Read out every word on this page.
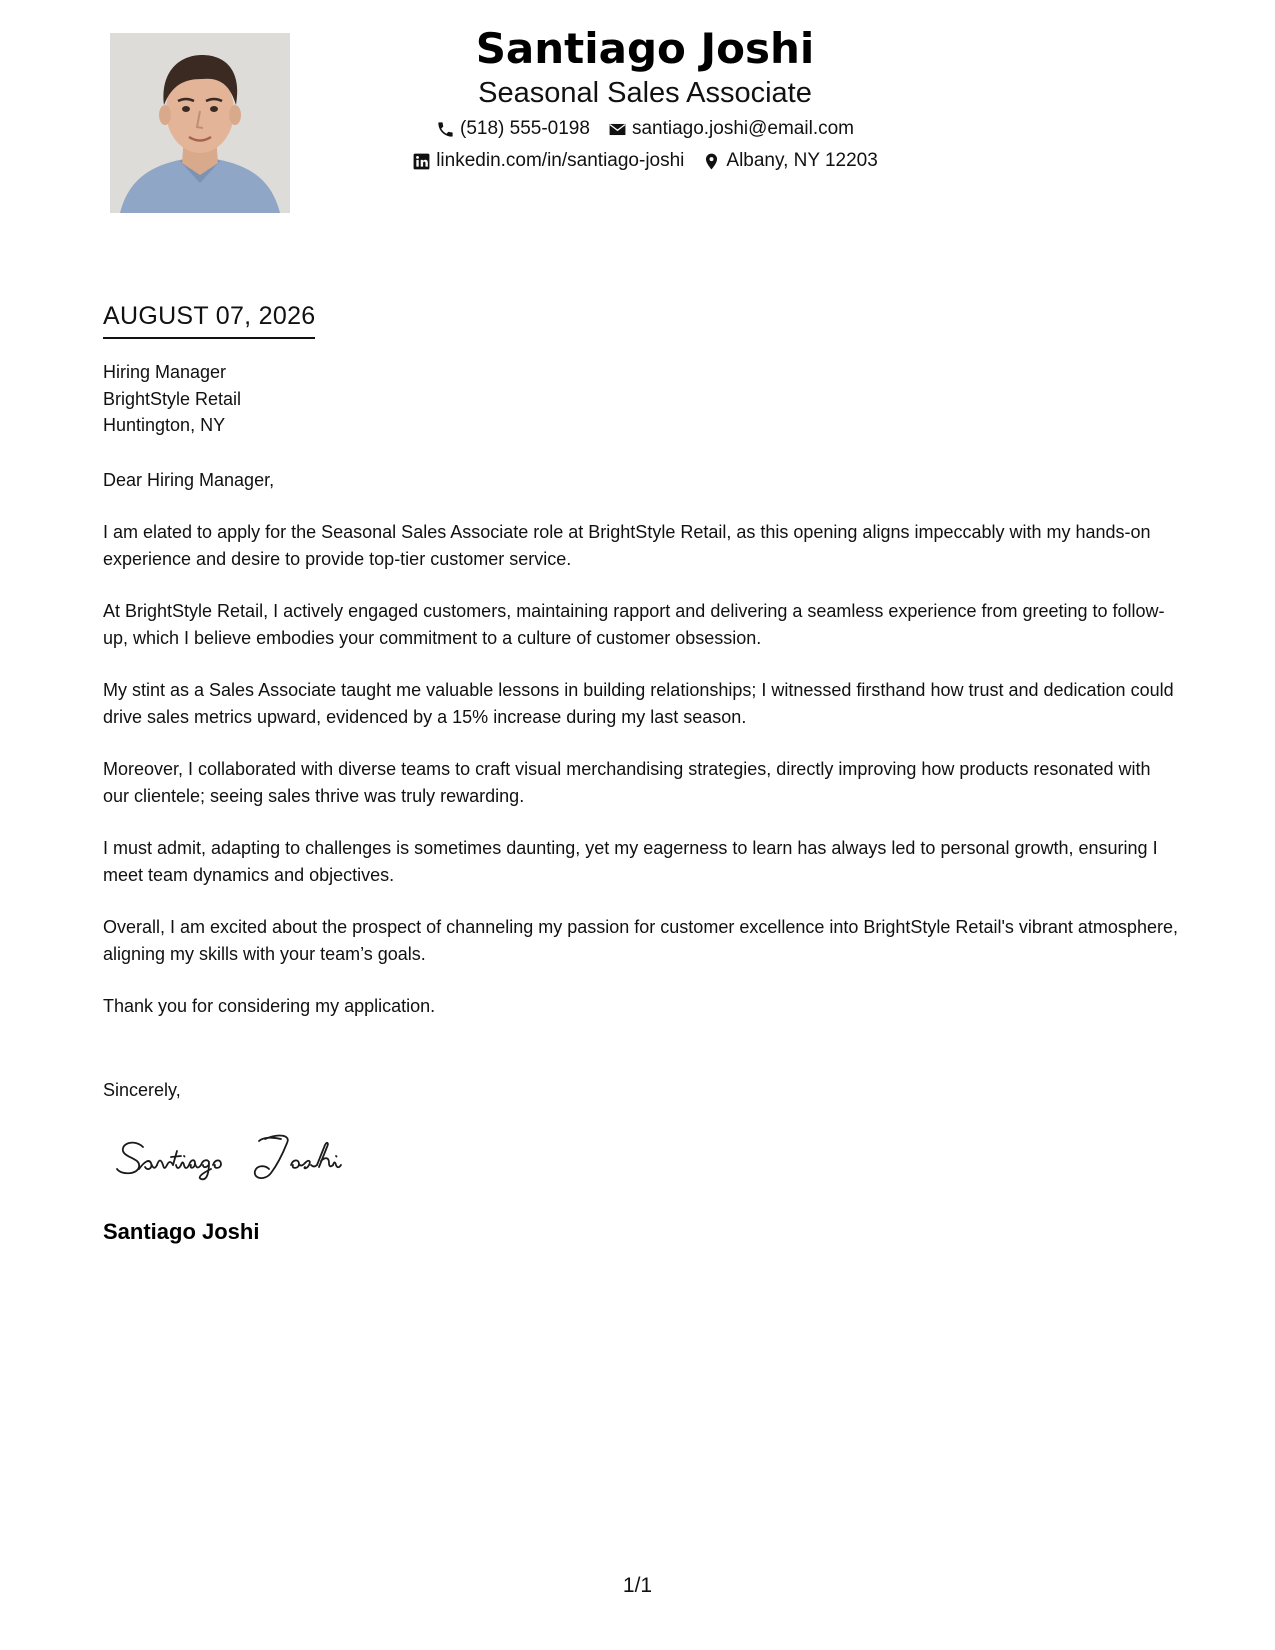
Santiago Joshi
Seasonal Sales Associate
(518) 555-0198 santiago.joshi@email.com
linkedin.com/in/santiago-joshi Albany, NY 12203
AUGUST 07, 2026
Hiring Manager
BrightStyle Retail
Huntington, NY
Dear Hiring Manager,

I am elated to apply for the Seasonal Sales Associate role at BrightStyle Retail, as this opening aligns impeccably with my hands-on experience and desire to provide top-tier customer service.

At BrightStyle Retail, I actively engaged customers, maintaining rapport and delivering a seamless experience from greeting to follow-up, which I believe embodies your commitment to a culture of customer obsession.

My stint as a Sales Associate taught me valuable lessons in building relationships; I witnessed firsthand how trust and dedication could drive sales metrics upward, evidenced by a 15% increase during my last season.

Moreover, I collaborated with diverse teams to craft visual merchandising strategies, directly improving how products resonated with our clientele; seeing sales thrive was truly rewarding.

I must admit, adapting to challenges is sometimes daunting, yet my eagerness to learn has always led to personal growth, ensuring I meet team dynamics and objectives.

Overall, I am excited about the prospect of channeling my passion for customer excellence into BrightStyle Retail's vibrant atmosphere, aligning my skills with your team’s goals.

Thank you for considering my application.

Sincerely,
Santiago Joshi
1/1
